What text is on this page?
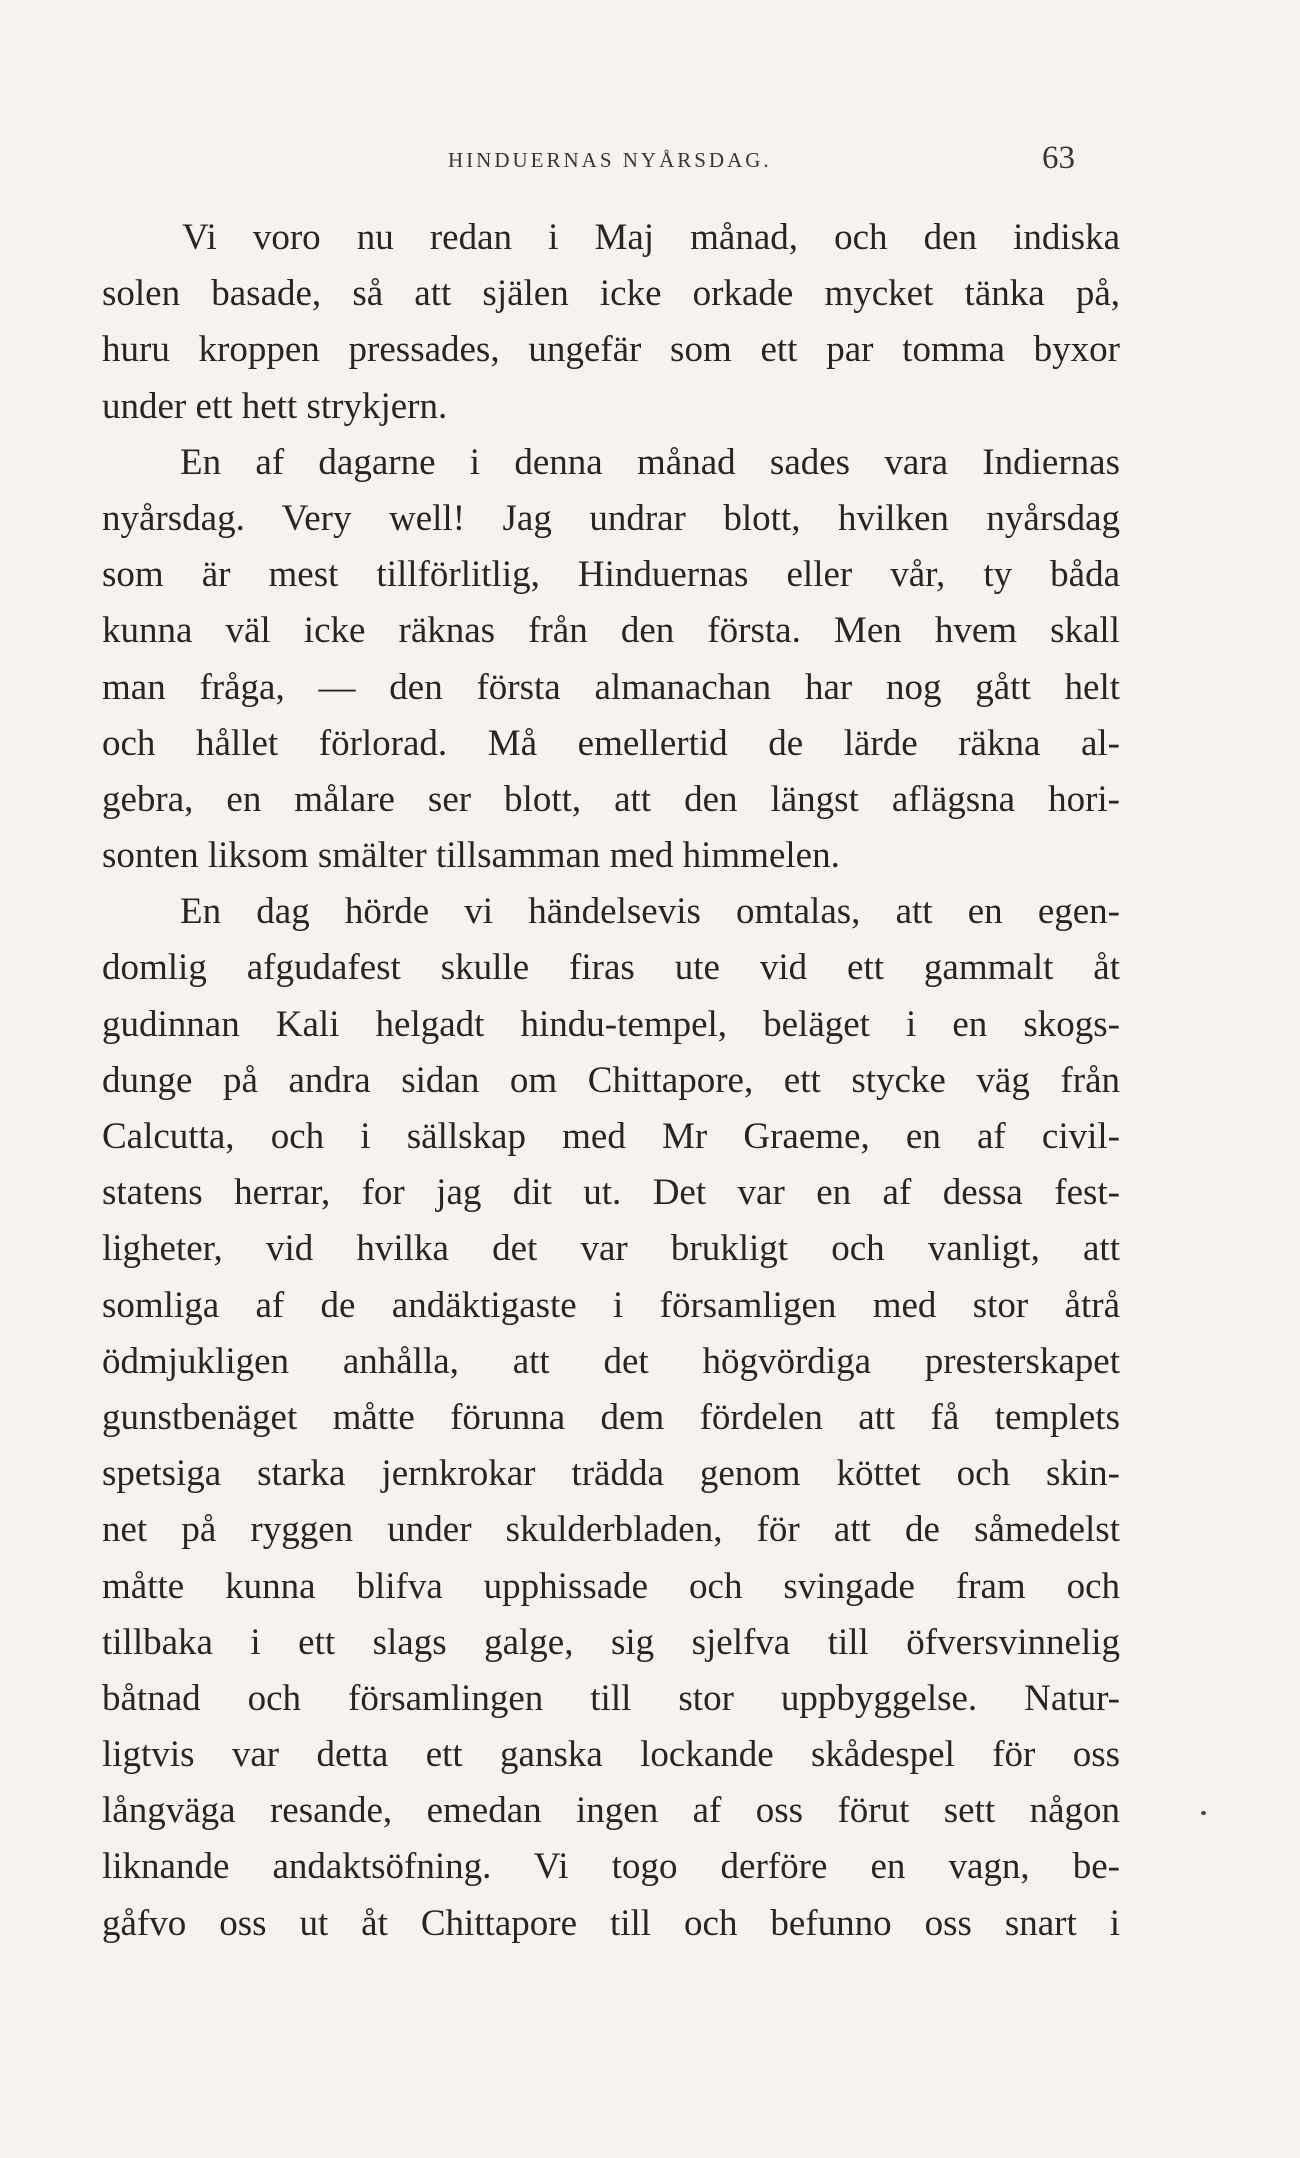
HINDUERNAS NYÅRSDAG.	63
Vi voro nu redan i Maj månad, och den indiska
solen basade, så att själen icke orkade mycket tänka på,
huru kroppen pressades, ungefär som ett par tomma byxor
under ett hett strykjern.
En af dagarne i denna månad sades vara Indiernas
nyårsdag. Very well! Jag undrar blott, hvilken nyårsdag
som är mest tillförlitlig, Hinduernas eller vår, ty båda
kunna väl icke räknas från den första. Men hvem skall
man fråga, — den första almanachan har nog gått helt
och hållet förlorad. Må emellertid de lärde räkna al-
gebra, en målare ser blott, att den längst aflägsna hori-
sonten liksom smälter tillsamman med himmelen.
En dag hörde vi händelsevis omtalas, att en egen-
domlig afgudafest skulle firas ute vid ett gammalt åt
gudinnan Kali helgadt hindu-tempel, beläget i en skogs-
dunge på andra sidan om Chittapore, ett stycke väg från
Calcutta, och i sällskap med Mr Graeme, en af civil-
statens herrar, for jag dit ut. Det var en af dessa fest-
ligheter, vid hvilka det var brukligt och vanligt, att
somliga af de andäktigaste i församligen med stor åtrå
ödmjukligen anhålla, att det högvördiga presterskapet
gunstbenäget måtte förunna dem fördelen att få templets
spetsiga starka jernkrokar trädda genom köttet och skin-
net på ryggen under skulderbladen, för att de såmedelst
måtte kunna blifva upphissade och svingade fram och
tillbaka i ett slags galge, sig sjelfva till öfversvinnelig
båtnad och församlingen till stor uppbyggelse. Natur-
ligtvis var detta ett ganska lockande skådespel för oss
långväga resande, emedan ingen af oss förut sett någon
liknande andaktsöfning. Vi togo derföre en vagn, be-
gåfvo oss ut åt Chittapore till och befunno oss snart i
